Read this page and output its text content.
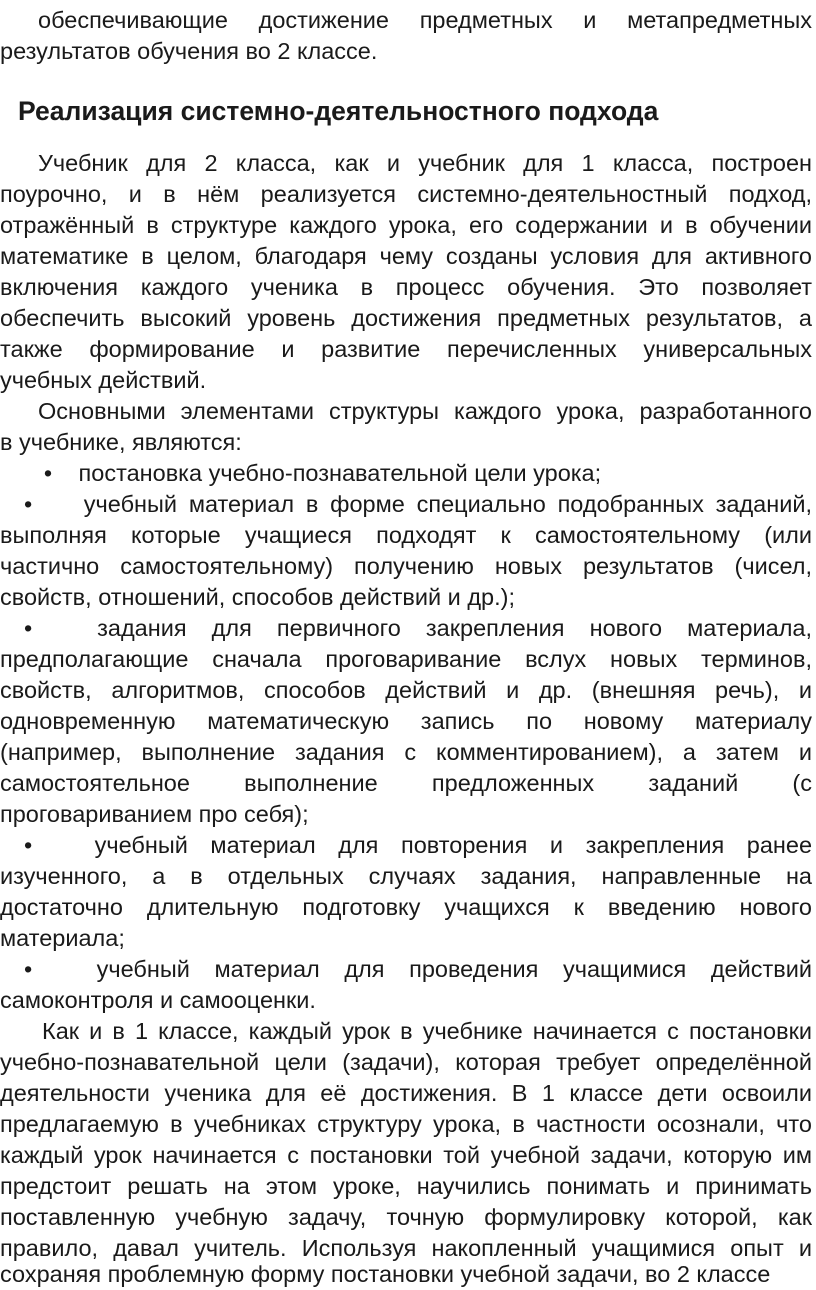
обеспечивающие достижение предметных и метапредметных
результатов обучения во 2 классе.
Реализация системно-деятельностного подхода
Учебник для 2 класса, как и учебник для 1 класса, построен
поурочно, и в нём реализуется системно-деятельностный подход,
отражённый в структуре каждого урока, его содержании и в обучении
математике в целом, благодаря чему созданы условия для активного
включения каждого ученика в процесс обучения. Это позволяет
обеспечить высокий уровень достижения предметных результатов, а
также формирование и развитие перечисленных универсальных
учебных действий.
Основными элементами структуры каждого урока, разработанного
в учебнике, являются:
• постановка учебно-познавательной цели урока;
• учебный материал в форме специально подобранных заданий,
выполняя которые учащиеся подходят к самостоятельному (или
частично самостоятельному) получению новых результатов (чисел,
свойств, отношений, способов действий и др.);
•	задания для первичного закрепления нового материала,
предполагающие сначала проговаривание вслух новых терминов,
свойств, алгоритмов, способов действий и др. (внешняя речь), и
одновременную математическую запись по новому материалу
(например, выполнение задания с комментированием), а затем и
самостоятельное выполнение предложенных заданий (с
проговариванием про себя);
•	учебный материал для повторения и закрепления ранее
изученного, а в отдельных случаях задания, направленные на
достаточно длительную подготовку учащихся к введению нового
материала;
•	учебный материал для проведения учащимися действий
самоконтроля и самооценки.
Как и в 1 классе, каждый урок в учебнике начинается с постановки
учебно-познавательной цели (задачи), которая требует определённой
деятельности ученика для её достижения. В 1 классе дети освоили
предлагаемую в учебниках структуру урока, в частности осознали, что
каждый урок начинается с постановки той учебной задачи, которую им
предстоит решать на этом уроке, научились понимать и принимать
поставленную учебную задачу, точную формулировку которой, как
правило, давал учитель. Используя накопленный учащимися опыт и
сохраняя проблемную форму постановки учебной задачи, во 2 классе
